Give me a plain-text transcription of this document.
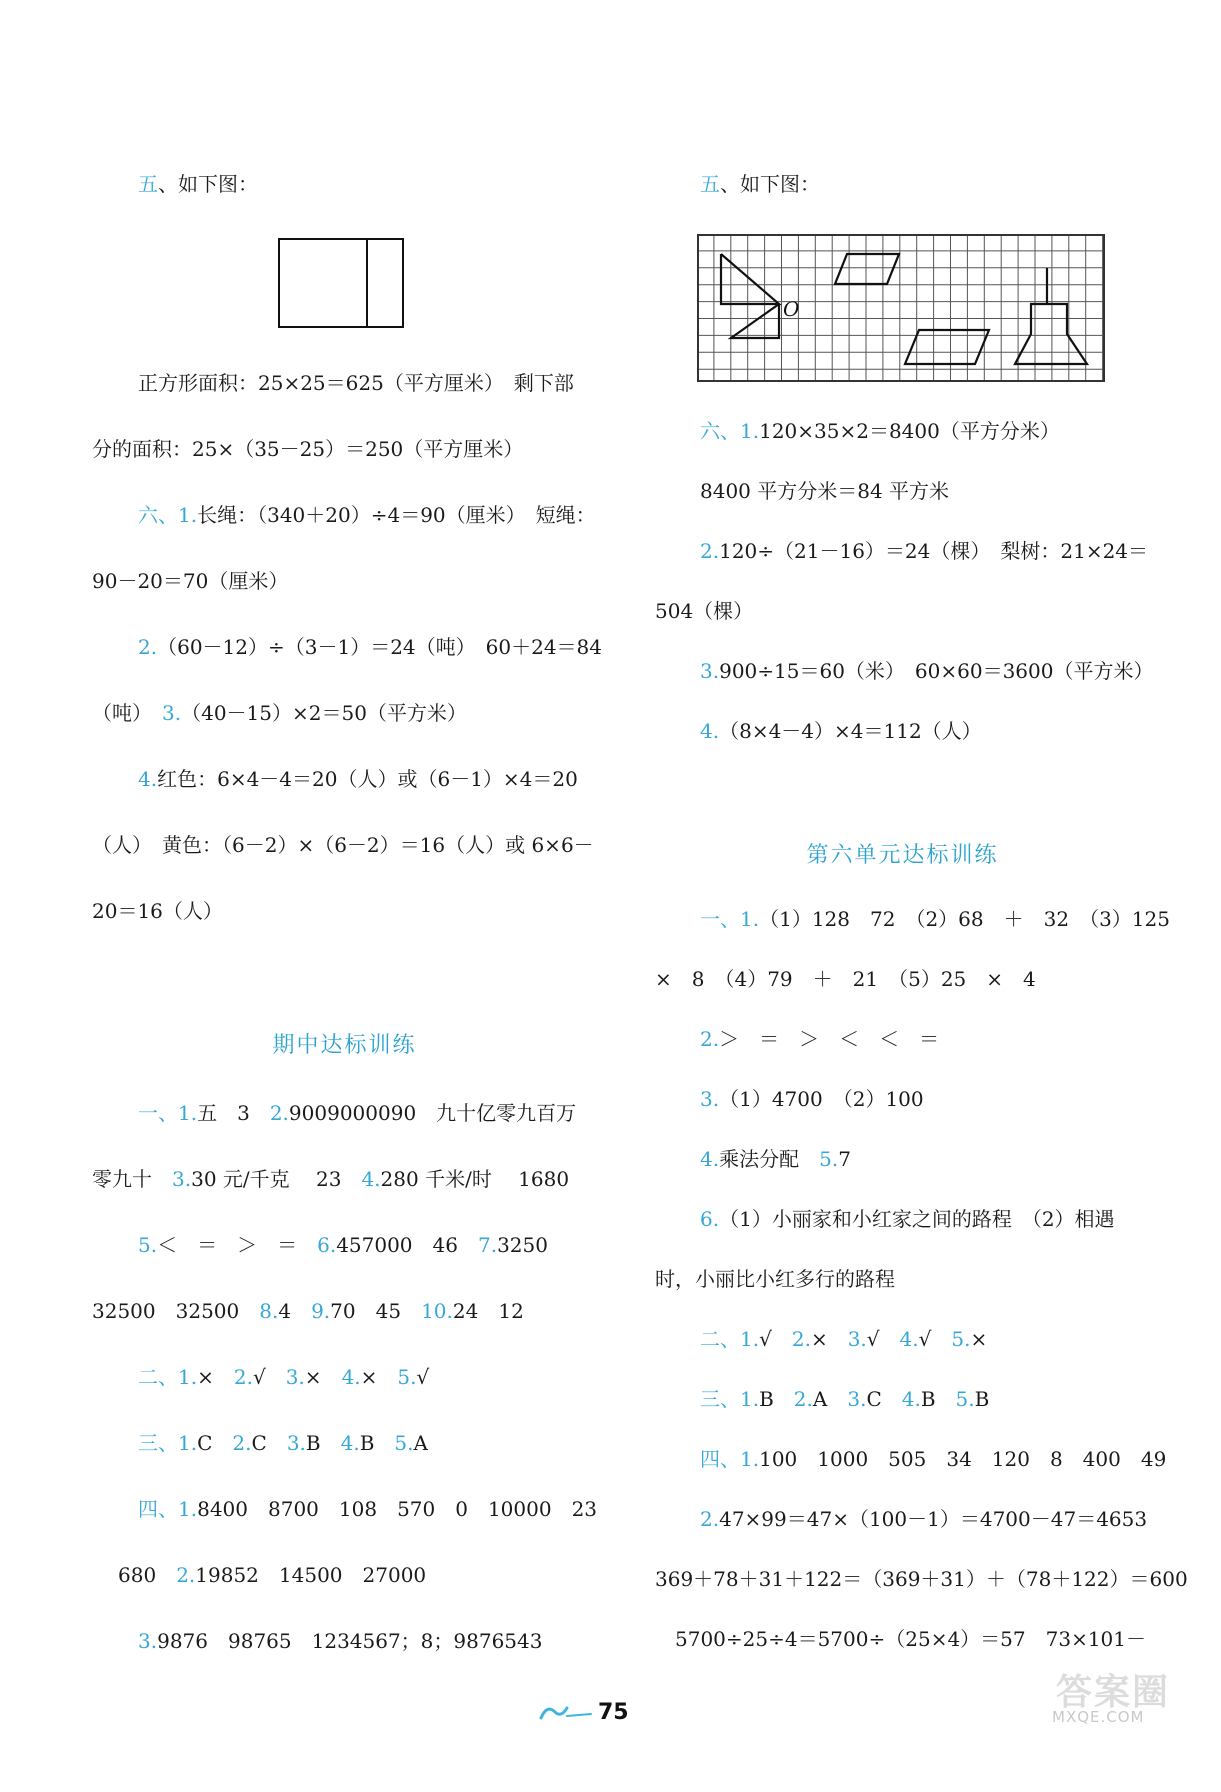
五、如下图：
正方形面积：25×25＝625（平方厘米）　剩下部
分的面积：25×（35－25）＝250（平方厘米）
六、1.长绳：（340＋20）÷4＝90（厘米）　短绳：
90－20＝70（厘米）
2.（60－12）÷（3－1）＝24（吨）　60＋24＝84
（吨）　 3.（40－15）×2＝50（平方米）
4.红色：6×4－4＝20（人）或（6－1）×4＝20
（人）　黄色：（6－2）×（6－2）＝16（人）或 6×6－
20＝16（人）
期中达标训练
一、1.五　3　2.9009000090　九十亿零九百万
零九十　3.30 元/千克　 23　4.280 千米/时　 1680
5.＜　＝　＞　＝　6.457000　46　7.3250
32500　32500　8.4　9.70　45　10.24　12
二、1.×　2.√　3.×　4.×　5.√
三、1.C　2.C　3.B　4.B　5.A
四、1.8400　8700　108　570　0　10000　23
680　2.19852　14500　27000
3.9876　98765　1234567；8；9876543
五、如下图：
六、1.120×35×2＝8400（平方分米）
8400 平方分米＝84 平方米
2.120÷（21－16）＝24（棵）　梨树：21×24＝
504（棵）
3.900÷15＝60（米）　60×60＝3600（平方米）
4.（8×4－4）×4＝112（人）
第六单元达标训练
一、1.（1）128　72　（2）68　＋　32　（3）125
×　8　（4）79　＋　21　（5）25　×　4
2.＞　＝　＞　＜　＜　＝
3.（1）4700　（2）100
4.乘法分配　5.7
6.（1）小丽家和小红家之间的路程　（2）相遇
时，小丽比小红多行的路程
二、1.√　2.×　3.√　4.√　5.×
三、1.B　2.A　3.C　4.B　5.B
四、1.100　1000　505　34　120　8　400　49
2.47×99＝47×（100－1）＝4700－47＝4653
369＋78＋31＋122＝（369＋31）＋（78＋122）＝600
5700÷25÷4＝5700÷（25×4）＝57　73×101－
O
75	答案圈
MXQE.COM
